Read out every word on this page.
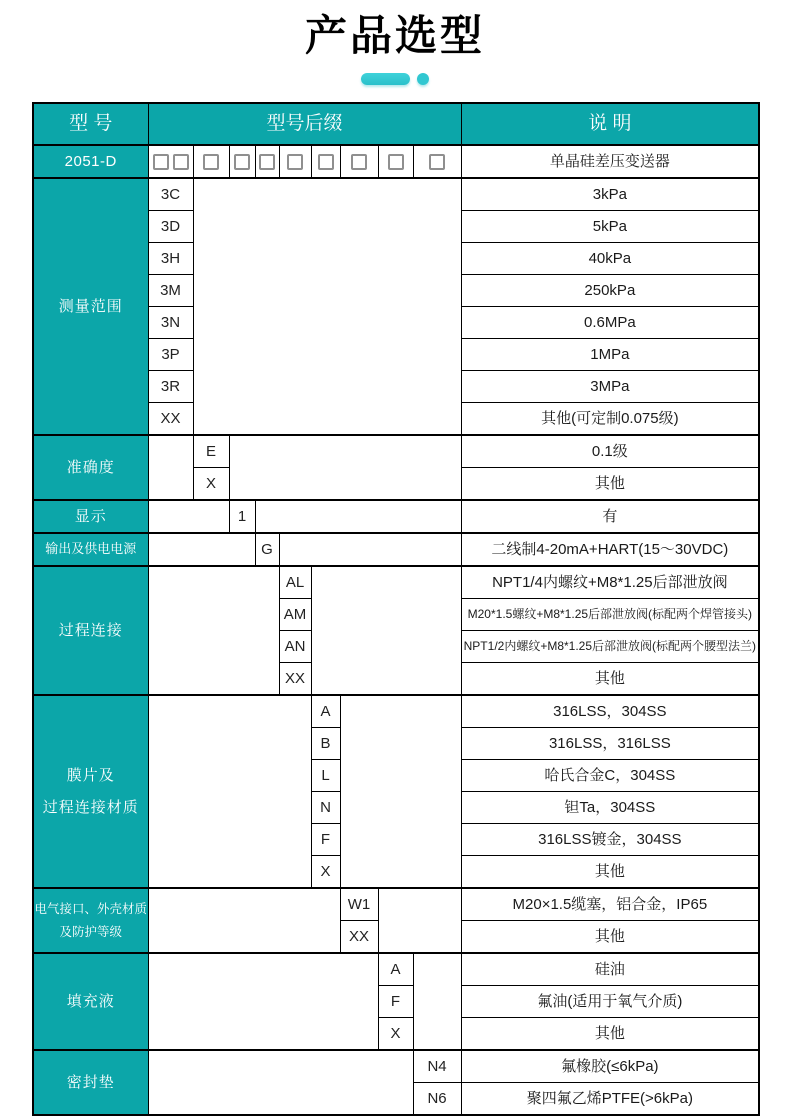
产品选型
型 号	型号后缀									说 明
2051-D										单晶硅差压变送器

测量范围	3C									3kPa
	3D									5kPa
	3H									40kPa
	3M									250kPa
	3N									0.6MPa
	3P									1MPa
	3R									3MPa
	XX									其他(可定制0.075级)

准确度		E								0.1级
		X								其他

显示			1							有

输出及供电电源				G						二线制4-20mA+HART(15～30VDC)

过程连接					AL					NPT1/4内螺纹+M8*1.25后部泄放阀
					AM					M20*1.5螺纹+M8*1.25后部泄放阀(标配两个焊管接头)
					AN					NPT1/2内螺纹+M8*1.25后部泄放阀(标配两个腰型法兰)
					XX					其他

膜片及
过程连接材质						A				316LSS，304SS
						B				316LSS，316LSS
						L				哈氏合金C，304SS
						N				钽Ta，304SS
						F				316LSS镀金，304SS
						X				其他

电气接口、外壳材质
及防护等级							W1			M20×1.5缆塞，铝合金，IP65
							XX			其他

填充液								A		硅油
								F		氟油(适用于氧气介质)
								X		其他

密封垫									N4	氟橡胶(≤6kPa)
									N6	聚四氟乙烯PTFE(>6kPa)
